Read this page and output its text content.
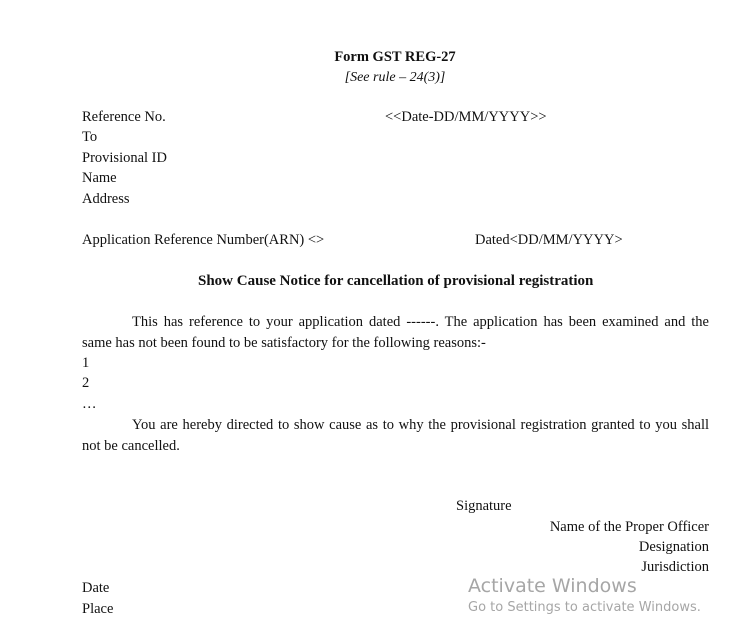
Form GST REG-27
[See rule – 24(3)]
Reference No.	<<Date-DD/MM/YYYY>>
To
Provisional ID
Name
Address
Application Reference Number(ARN) <>	Dated<DD/MM/YYYY>
Show Cause Notice for cancellation of provisional registration
This has reference to your application dated ------. The application has been examined and the same has not been found to be satisfactory for the following reasons:-
1
2
…
You are hereby directed to show cause as to why the provisional registration granted to you shall not be cancelled.
Signature
Name of the Proper Officer
Designation
Jurisdiction
Date
Place
Activate Windows
Go to Settings to activate Windows.
